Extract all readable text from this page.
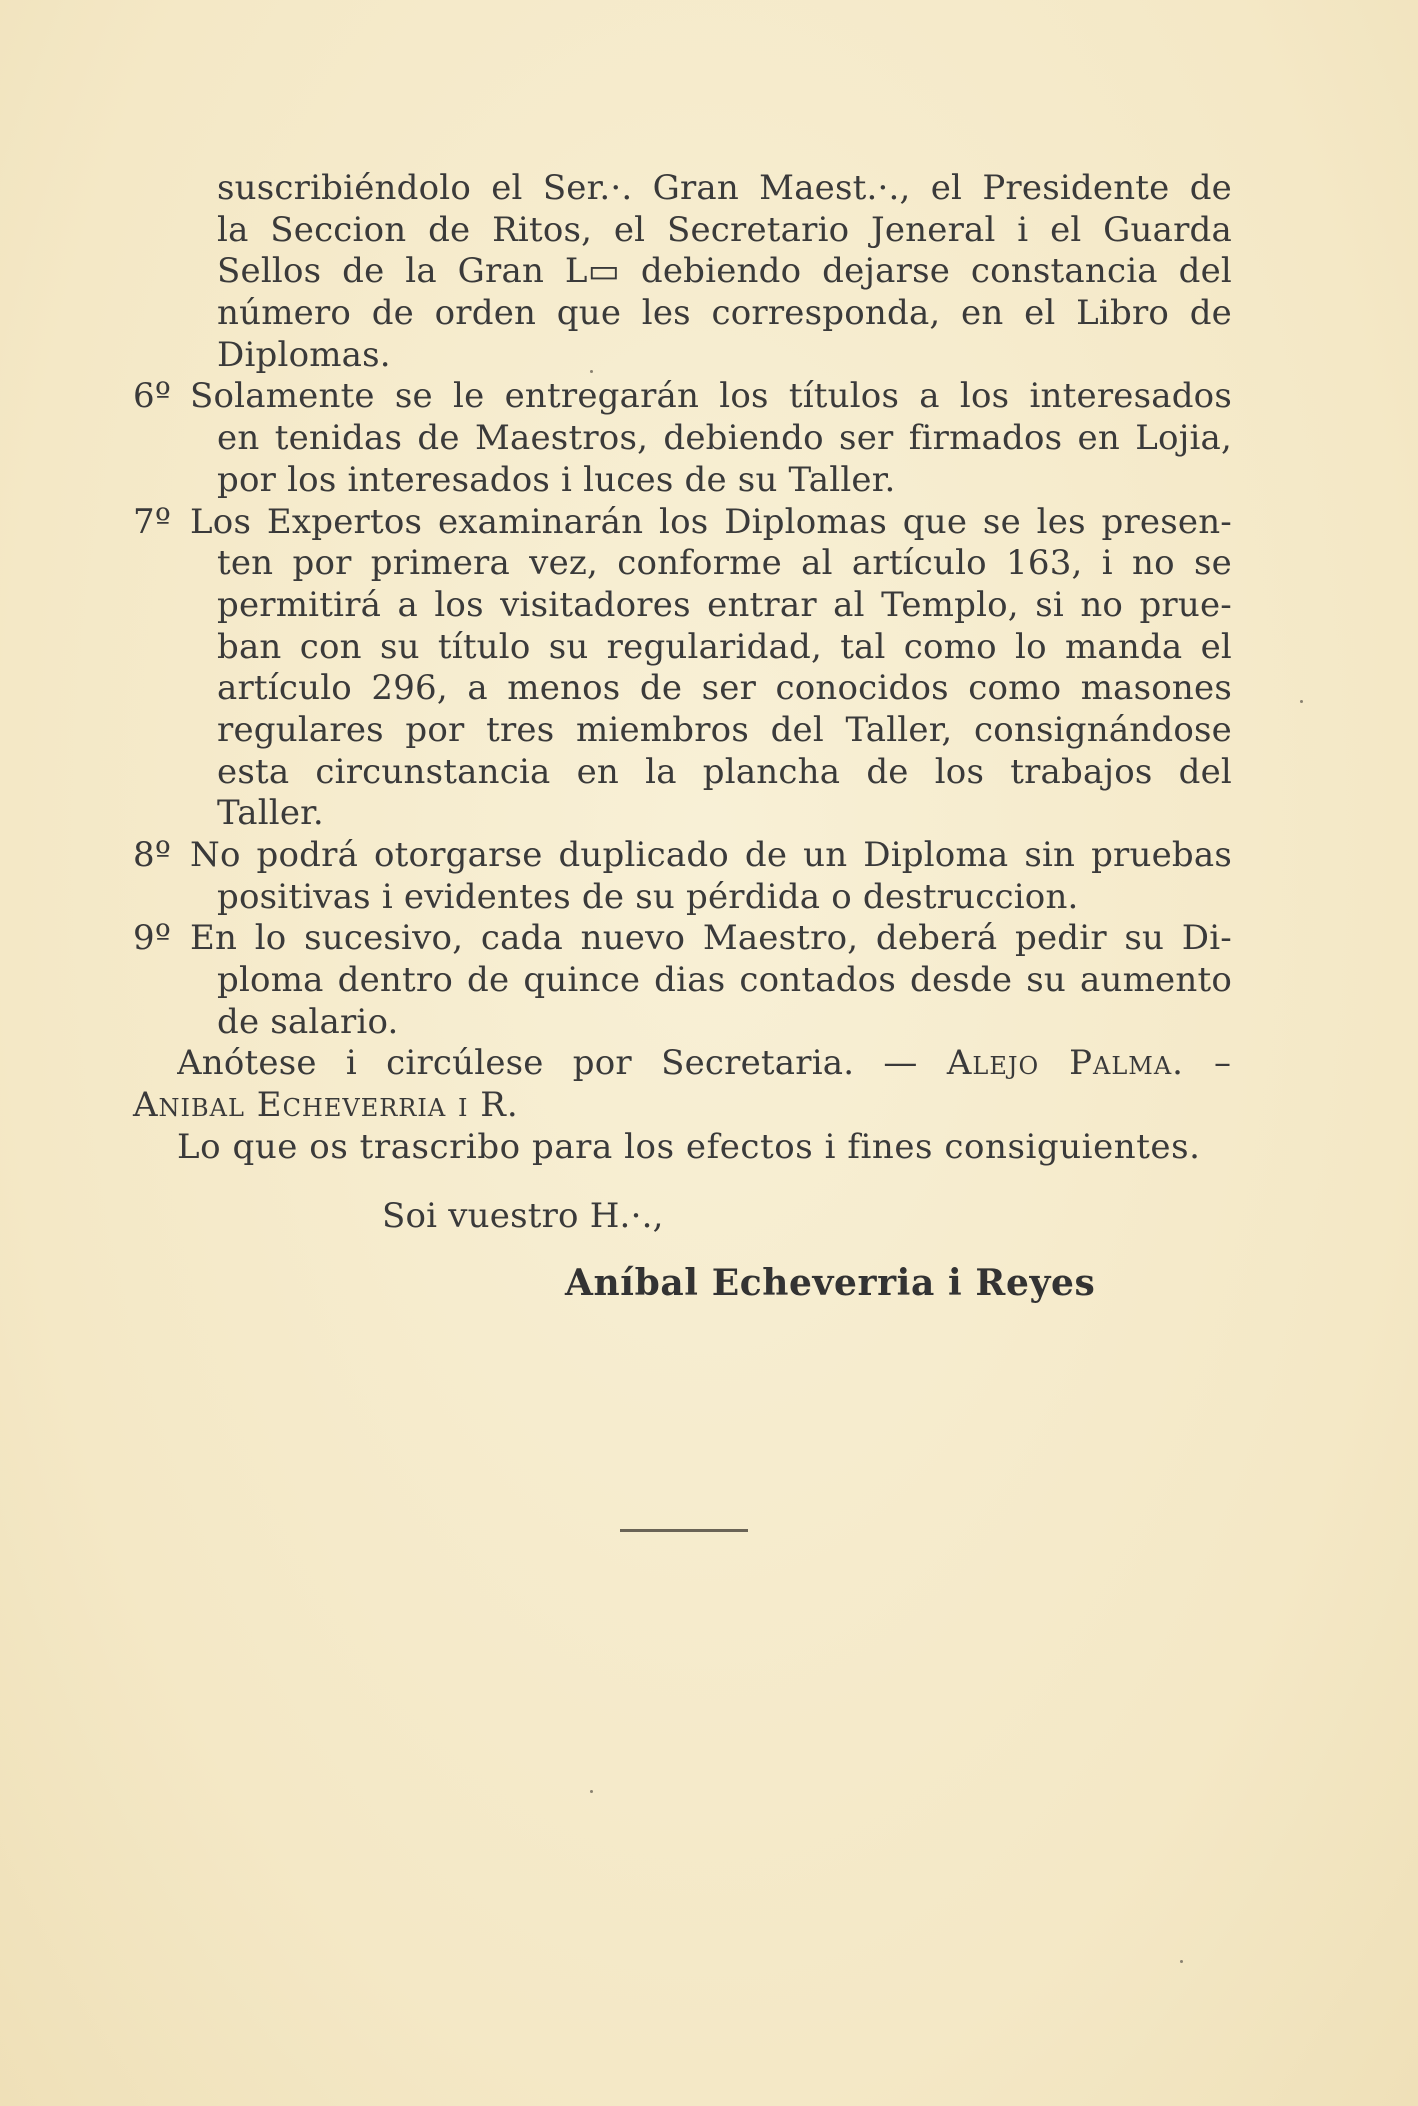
suscribiéndolo el Ser.·. Gran Maest.·., el Presidente de
la Seccion de Ritos, el Secretario Jeneral i el Guarda
Sellos de la Gran L▭ debiendo dejarse constancia del
número de orden que les corresponda, en el Libro de
Diplomas.
6º Solamente se le entregarán los títulos a los interesados
en tenidas de Maestros, debiendo ser firmados en Lojia,
por los interesados i luces de su Taller.
7º Los Expertos examinarán los Diplomas que se les presen-
ten por primera vez, conforme al artículo 163, i no se
permitirá a los visitadores entrar al Templo, si no prue-
ban con su título su regularidad, tal como lo manda el
artículo 296, a menos de ser conocidos como masones
regulares por tres miembros del Taller, consignándose
esta circunstancia en la plancha de los trabajos del
Taller.
8º No podrá otorgarse duplicado de un Diploma sin pruebas
positivas i evidentes de su pérdida o destruccion.
9º En lo sucesivo, cada nuevo Maestro, deberá pedir su Di-
ploma dentro de quince dias contados desde su aumento
de salario.
Anótese i circúlese por Secretaria. — Alejo Palma. –
Anibal Echeverria i R.
Lo que os trascribo para los efectos i fines consiguientes.
Soi vuestro H.·.,
Aníbal Echeverria i Reyes
